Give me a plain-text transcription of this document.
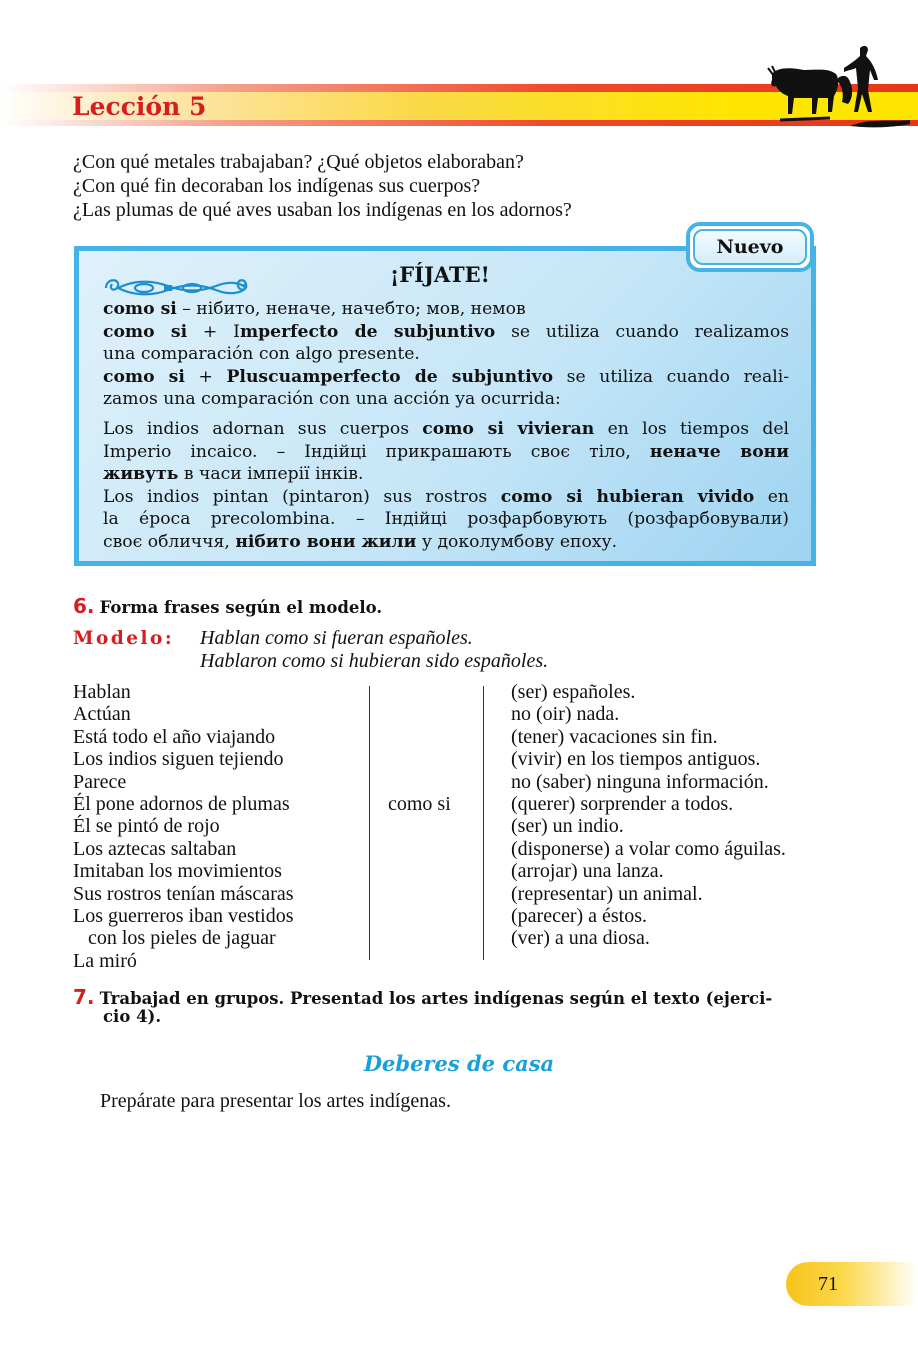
Lección 5
¿Con qué metales trabajaban? ¿Qué objetos elaboraban?
¿Con qué fin decoraban los indígenas sus cuerpos?
¿Las plumas de qué aves usaban los indígenas en los adornos?
Nuevo
¡FÍJATE!
como si – нібито, неначе, начебто; мов, немов
como si + Imperfecto de subjuntivo se utiliza cuando realizamos
una comparación con algo presente.
como si + Pluscuamperfecto de subjuntivo se utiliza cuando reali-
zamos una comparación con una acción ya ocurrida:
Los indios adornan sus cuerpos como si vivieran en los tiempos del
Imperio incaico. – Індійці прикрашають своє тіло, неначе вони
живуть в часи імперії інків.
Los indios pintan (pintaron) sus rostros como si hubieran vivido en
la época precolombina. – Індійці розфарбовують (розфарбовували)
своє обличчя, нібито вони жили у доколумбову епоху.
6. Forma frases según el modelo.
Modelo: Hablan como si fueran españoles.
Hablaron como si hubieran sido españoles.
Hablan
Actúan
Está todo el año viajando
Los indios siguen tejiendo
Parece
Él pone adornos de plumas
Él se pintó de rojo
Los aztecas saltaban
Imitaban los movimientos
Sus rostros tenían máscaras
Los guerreros iban vestidos
con los pieles de jaguar
La miró
como si
(ser) españoles.
no (oir) nada.
(tener) vacaciones sin fin.
(vivir) en los tiempos antiguos.
no (saber) ninguna información.
(querer) sorprender a todos.
(ser) un indio.
(disponerse) a volar como águilas.
(arrojar) una lanza.
(representar) un animal.
(parecer) a éstos.
(ver) a una diosa.
7. Trabajad en grupos. Presentad los artes indígenas según el texto (ejerci-
cio 4).
Deberes de casa
Prepárate para presentar los artes indígenas.
71
